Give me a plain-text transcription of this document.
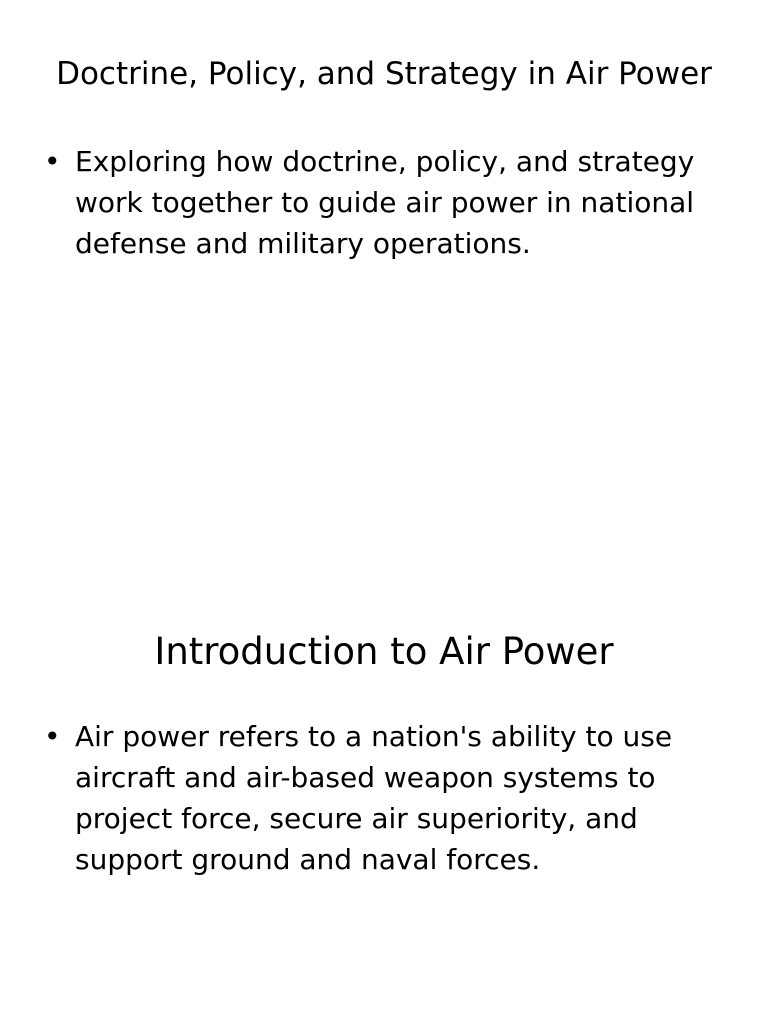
Doctrine, Policy, and Strategy in Air Power
• Exploring how doctrine, policy, and strategy
work together to guide air power in national
defense and military operations.
Introduction to Air Power
• Air power refers to a nation's ability to use
aircraft and air-based weapon systems to
project force, secure air superiority, and
support ground and naval forces.
